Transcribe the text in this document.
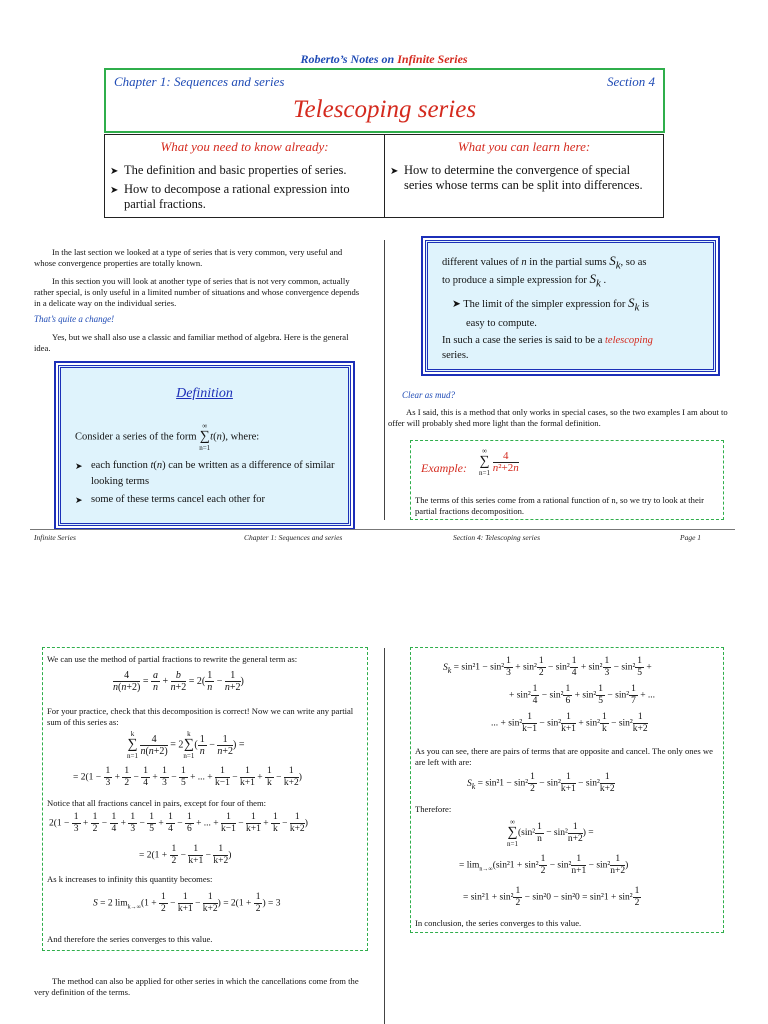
Roberto’s Notes on Infinite Series
Chapter 1: Sequences and series	Section 4
Telescoping series
What you need to know already:
➤ The definition and basic properties of series.
➤ How to decompose a rational expression into partial fractions.
What you can learn here:
➤ How to determine the convergence of special series whose terms can be split into differences.
In the last section we looked at a type of series that is very common, very useful and whose convergence properties are totally known.
In this section you will look at another type of series that is not very common, actually rather special, is only useful in a limited number of situations and whose convergence depends in a delicate way on the individual series.
That’s quite a change!
Yes, but we shall also use a classic and familiar method of algebra. Here is the general idea.
Definition
Consider a series of the form ∞
∑
n=1t(n), where:
➤ each function t(n) can be written as a difference of similar looking terms
➤ some of these terms cancel each other for
different values of n in the partial sums $S_k$, so as
to produce a simple expression for $S_k$ .
➤ The limit of the simpler expression for $S_k$ is
easy to compute.
In such a case the series is said to be a telescoping
series.
Clear as mud?
As I said, this is a method that only works in special cases, so the two examples I am about to offer will probably shed more light than the formal definition.
Example:
∞
∑
$n=1 \frac{4}{\text{n²+2n}}$
The terms of this series come from a rational function of n, so we try to look at their partial fractions decomposition.
Infinite Series	Chapter 1: Sequences and series	Section 4: Telescoping series	Page 1
We can use the method of partial fractions to rewrite the general term as:
$\frac{4}{n(n+2)} = \frac{a}{n} + \frac{b}{n+2} = 2( \frac{1}{n} - \frac{1}{n+2}$ )
For your practice, check that this decomposition is correct! Now we can write any partial sum of this series as:
k
∑
$n=1 \frac{4}{n(n+2)} = 2k$
∑
$n=1( \frac{1}{n} - \frac{1}{n+2}$ ) =
= $2(1 - \frac{1}{3} + \frac{1}{2} - \frac{1}{4} + \frac{1}{3} - \frac{1}{5}$ + ... + $\frac{1}{k-1} - \frac{1}{k+1} + \frac{1}{k} - \frac{1}{k+2}$ )
Notice that all fractions cancel in pairs, except for four of them:
$2(1 - \frac{1}{3} + \frac{1}{2} - \frac{1}{4} + \frac{1}{3} - \frac{1}{5} + \frac{1}{4} - \frac{1}{6}$ + ... + $\frac{1}{k-1} - \frac{1}{k+1} + \frac{1}{k} - \frac{1}{k+2}$ )
= $2(1 + \frac{1}{2} - \frac{1}{k+1} - \frac{1}{k+2}$ )
As k increases to infinity this quantity becomes:
S = 2 $\lim_{k\to\infty}(1 + \frac{1}{2} - \frac{1}{k+1} - \frac{1}{k+2}$ ) = $2(1 + \frac{1}{2}$ ) = 3
And therefore the series converges to this value.
The method can also be applied for other series in which the cancellations come from the very definition of the terms.
$S_k = \sin^21 - \sin^2 \frac{1}{3} + \sin^2 \frac{1}{2} - \sin^2 \frac{1}{4} + \sin^2 \frac{1}{3} - \sin^2 \frac{1}{5}$ +
+ $\sin^2 \frac{1}{4} - \sin^2 \frac{1}{6} + \sin^2 \frac{1}{5} - \sin^2 \frac{1}{7}$ + ...
... + $\sin^2 \frac{1}{k-1} - \sin^2 \frac{1}{k+1} + \sin^2 \frac{1}{k} - \sin^2 \frac{1}{k+2}$
As you can see, there are pairs of terms that are opposite and cancel. The only ones we are left with are:
$S_k = \sin^21 - \sin^2 \frac{1}{2} - \sin^2 \frac{1}{k+1} - \sin^2 \frac{1}{k+2}$
Therefore:
∞
∑
$n=1(\sin^2 \frac{1}{n} - \sin^2 \frac{1}{n+2}$ ) =
= $\lim_{n\to\infty}(\sin^21 + \sin^2 \frac{1}{2} - \sin^2 \frac{1}{n+1} - \sin^2 \frac{1}{n+2}$ )
= $\sin^21 + \sin^2 \frac{1}{2} - \sin^20 - \sin^20 = \sin^21 + \sin^2 \frac{1}{2}$
In conclusion, the series converges to this value.
